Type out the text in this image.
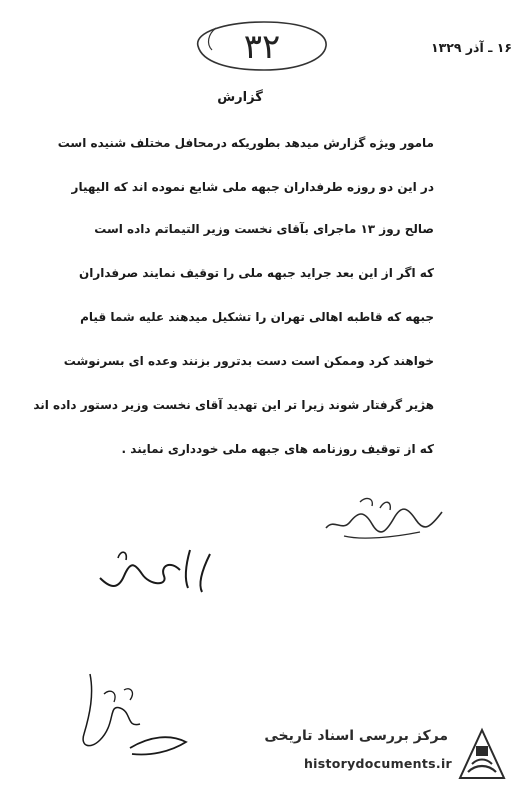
۱۶ ـ آذر ۱۳۲۹
۳۲
گزارش
مامور ویژه گزارش میدهد بطوریکه درمحافل مختلف شنیده است
در این دو روزه طرفداران جبهه ملی شایع نموده اند که الیهیار
صالح روز ۱۳ ماجرای بآقای نخست وزیر التیماتم داده است
که اگر از این بعد جراید جبهه ملی را توقیف نمایند صرفداران
جبهه که قاطبه اهالی تهران را تشکیل میدهند علیه شما قیام
خواهند کرد وممکن است دست بدترور بزنند وعده ای بسرنوشت
هژیر گرفتار شوند زیرا تر این تهدید آقای نخست وزیر دستور داده اند
که از توقیف روزنامه های جبهه ملی خودداری نمایند .
مرکز بررسی اسناد تاریخی
historydocuments.ir
